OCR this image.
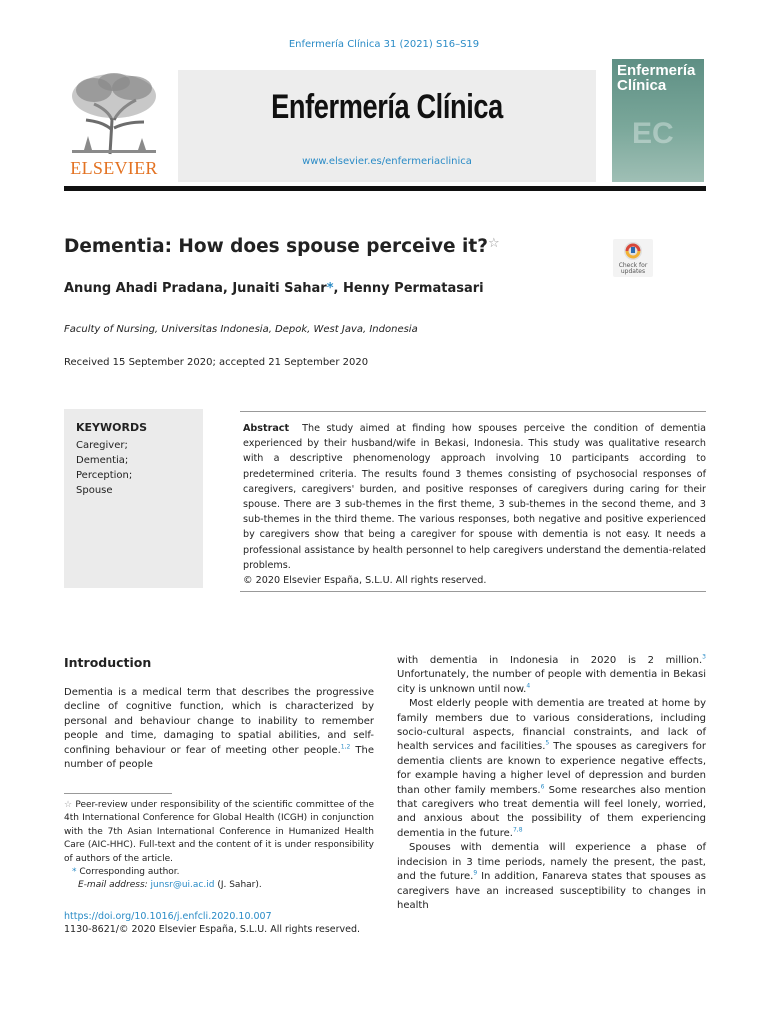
Enfermería Clínica 31 (2021) S16–S19
ELSEVIER
Enfermería Clínica
www.elsevier.es/enfermeriaclinica
Enfermería Clínica
EC
Dementia: How does spouse perceive it?☆
Check for updates
Anung Ahadi Pradana, Junaiti Sahar*, Henny Permatasari
Faculty of Nursing, Universitas Indonesia, Depok, West Java, Indonesia
Received 15 September 2020; accepted 21 September 2020
KEYWORDS
Caregiver;
Dementia;
Perception;
Spouse
Abstract The study aimed at finding how spouses perceive the condition of dementia experienced by their husband/wife in Bekasi, Indonesia. This study was qualitative research with a descriptive phenomenology approach involving 10 participants according to predetermined criteria. The results found 3 themes consisting of psychosocial responses of caregivers, caregivers' burden, and positive responses of caregivers during caring for their spouse. There are 3 sub-themes in the first theme, 3 sub-themes in the second theme, and 3 sub-themes in the third theme. The various responses, both negative and positive experienced by caregivers show that being a caregiver for spouse with dementia is not easy. It needs a professional assistance by health personnel to help caregivers understand the dementia-related problems.
© 2020 Elsevier España, S.L.U. All rights reserved.
Introduction
Dementia is a medical term that describes the progressive decline of cognitive function, which is characterized by personal and behaviour change to inability to remember people and time, damaging to spatial abilities, and self-confining behaviour or fear of meeting other people.$^{1,2}$ The number of people

with dementia in Indonesia in 2020 is 2 million.$^3$ Unfortunately, the number of people with dementia in Bekasi city is unknown until now.$^4$

Most elderly people with dementia are treated at home by family members due to various considerations, including socio-cultural aspects, financial constraints, and lack of health services and facilities.$^5$ The spouses as caregivers for dementia clients are known to experience negative effects, for example having a higher level of depression and burden than other family members.$^6$ Some researches also mention that caregivers who treat dementia will feel lonely, worried, and anxious about the possibility of them experiencing dementia in the future.$^{7,8}$

Spouses with dementia will experience a phase of indecision in 3 time periods, namely the present, the past, and the future.$^9$ In addition, Fanareva states that spouses as caregivers have an increased susceptibility to changes in health

☆ Peer-review under responsibility of the scientific committee of the 4th International Conference for Global Health (ICGH) in conjunction with the 7th Asian International Conference in Humanized Health Care (AIC-HHC). Full-text and the content of it is under responsibility of authors of the article.

* Corresponding author.

E-mail address: junsr@ui.ac.id (J. Sahar).

https://doi.org/10.1016/j.enfcli.2020.10.007
1130-8621/© 2020 Elsevier España, S.L.U. All rights reserved.
